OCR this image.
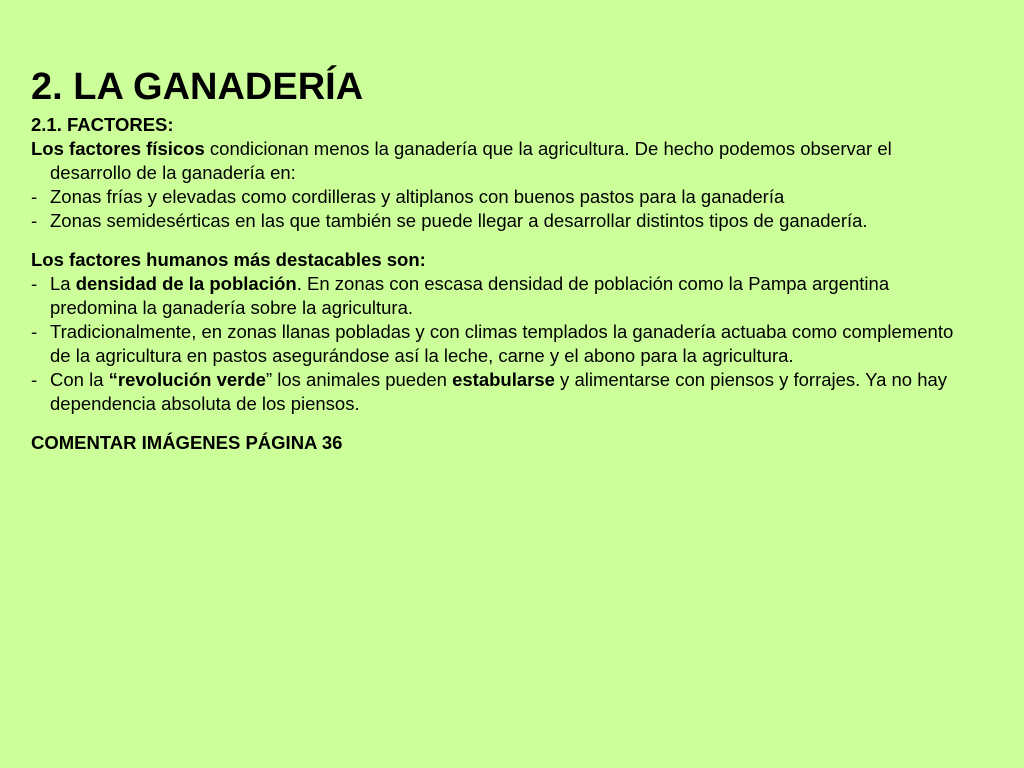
2. LA GANADERÍA

2.1. FACTORES:

Los factores físicos condicionan menos la ganadería que la agricultura. De hecho podemos observar el desarrollo de la ganadería en:

- Zonas frías y elevadas como cordilleras y altiplanos con buenos pastos para la ganadería
- Zonas semidesérticas en las que también se puede llegar a desarrollar distintos tipos de ganadería.

Los factores humanos más destacables son:

- La densidad de la población. En zonas con escasa densidad de población como la Pampa argentina predomina la ganadería sobre la agricultura.
- Tradicionalmente, en zonas llanas pobladas y con climas templados la ganadería actuaba como complemento de la agricultura en pastos asegurándose así la leche, carne y el abono para la agricultura.
- Con la “revolución verde” los animales pueden estabularse y alimentarse con piensos y forrajes. Ya no hay dependencia absoluta de los piensos.

COMENTAR IMÁGENES PÁGINA 36
